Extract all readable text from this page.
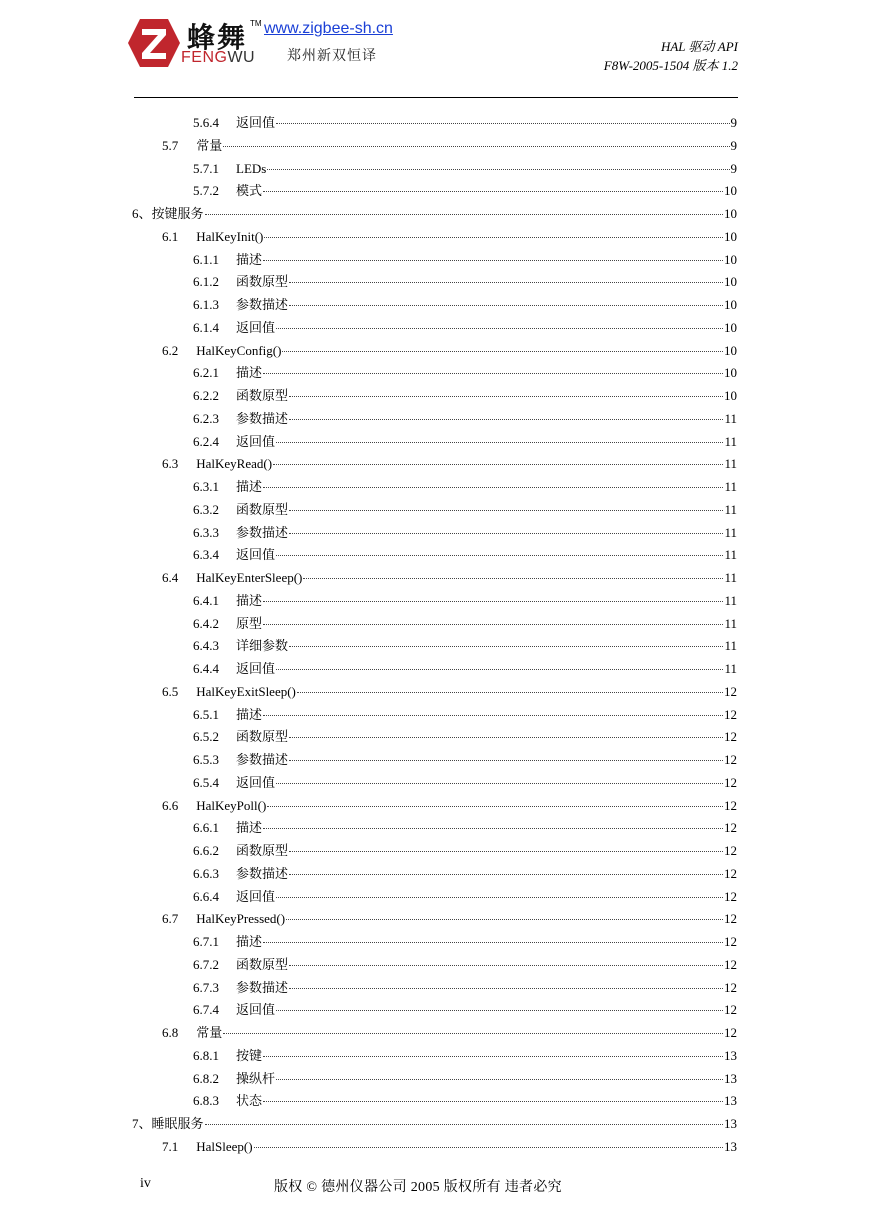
蜂舞 TM
FENGWU
www.zigbee-sh.cn
郑州新双恒译
HAL 驱动 API
F8W-2005-1504 版本 1.2
5.6.4 返回值	9
5.7 常量	9
5.7.1 LEDs	9
5.7.2 模式	10
6、 按键服务	10
6.1 HalKeyInit()	10
6.1.1 描述	10
6.1.2 函数原型	10
6.1.3 参数描述	10
6.1.4 返回值	10
6.2 HalKeyConfig()	10
6.2.1 描述	10
6.2.2 函数原型	10
6.2.3 参数描述	11
6.2.4 返回值	11
6.3 HalKeyRead()	11
6.3.1 描述	11
6.3.2 函数原型	11
6.3.3 参数描述	11
6.3.4 返回值	11
6.4 HalKeyEnterSleep()	11
6.4.1 描述	11
6.4.2 原型	11
6.4.3 详细参数	11
6.4.4 返回值	11
6.5 HalKeyExitSleep()	12
6.5.1 描述	12
6.5.2 函数原型	12
6.5.3 参数描述	12
6.5.4 返回值	12
6.6 HalKeyPoll()	12
6.6.1 描述	12
6.6.2 函数原型	12
6.6.3 参数描述	12
6.6.4 返回值	12
6.7 HalKeyPressed()	12
6.7.1 描述	12
6.7.2 函数原型	12
6.7.3 参数描述	12
6.7.4 返回值	12
6.8 常量	12
6.8.1 按键	13
6.8.2 操纵杆	13
6.8.3 状态	13
7、 睡眠服务	13
7.1 HalSleep()	13
iv	版权 © 德州仪器公司 2005 版权所有 违者必究
